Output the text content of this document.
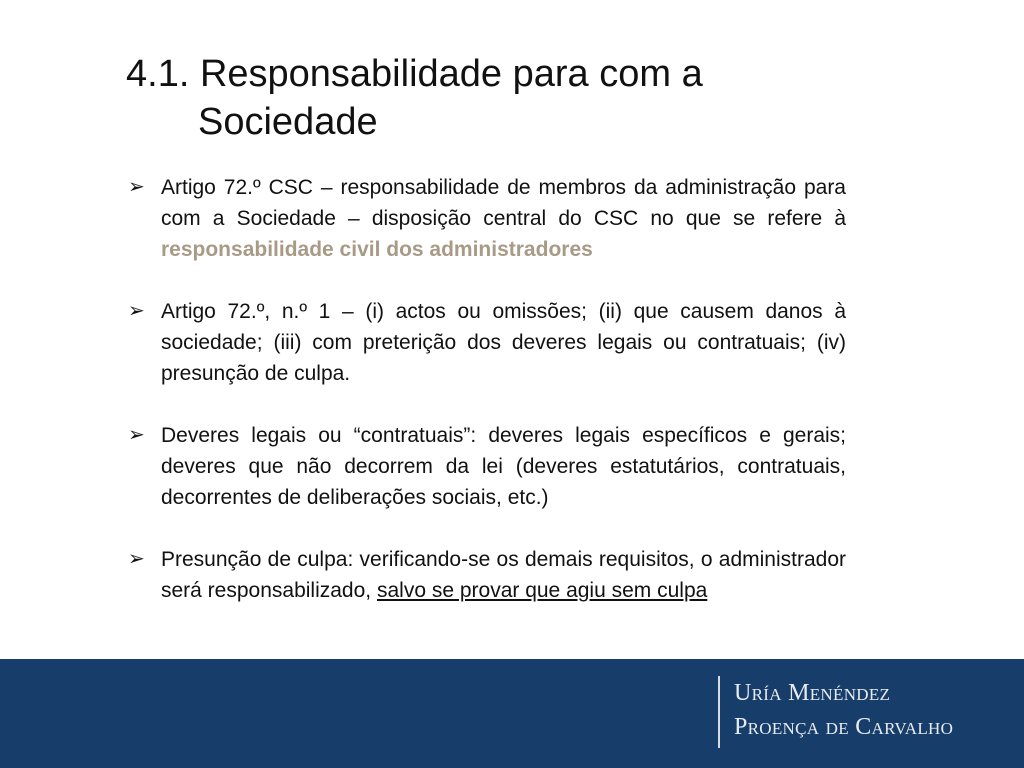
4.1. Responsabilidade para com a
Sociedade
➢ Artigo 72.º CSC – responsabilidade de membros da administração para com a Sociedade – disposição central do CSC no que se refere à responsabilidade civil dos administradores
➢ Artigo 72.º, n.º 1 – (i) actos ou omissões; (ii) que causem danos à sociedade; (iii) com preterição dos deveres legais ou contratuais; (iv) presunção de culpa.
➢ Deveres legais ou “contratuais”: deveres legais específicos e gerais; deveres que não decorrem da lei (deveres estatutários, contratuais, decorrentes de deliberações sociais, etc.)
➢ Presunção de culpa: verificando-se os demais requisitos, o administrador será responsabilizado, salvo se provar que agiu sem culpa
Uría Menéndez
Proença de Carvalho
